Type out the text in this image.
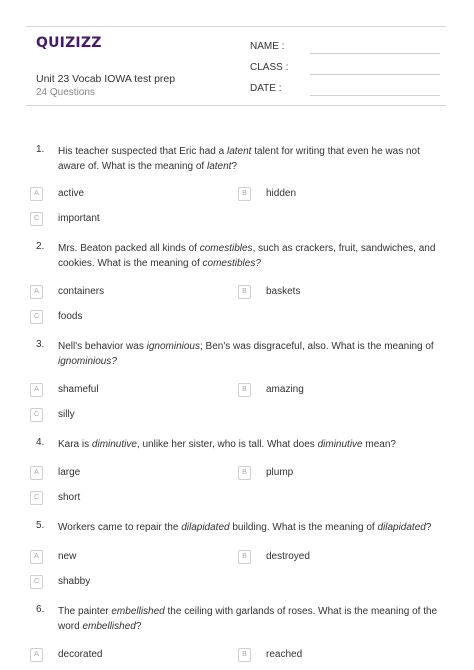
QUIZIZZ
Unit 23 Vocab IOWA test prep
24 Questions
NAME :
CLASS :
DATE :
1. His teacher suspected that Eric had a latent talent for writing that even he was not aware of. What is the meaning of latent?
A	active	B	hidden
C	important
2. Mrs. Beaton packed all kinds of comestibles, such as crackers, fruit, sandwiches, and cookies. What is the meaning of comestibles?
A	containers	B	baskets
C	foods
3. Nell's behavior was ignominious; Ben's was disgraceful, also. What is the meaning of ignominious?
A	shameful	B	amazing
C	silly
4. Kara is diminutive, unlike her sister, who is tall. What does diminutive mean?
A	large	B	plump
C	short
5. Workers came to repair the dilapidated building. What is the meaning of dilapidated?
A	new	B	destroyed
C	shabby
6. The painter embellished the ceiling with garlands of roses. What is the meaning of the word embellished?
A	decorated	B	reached
